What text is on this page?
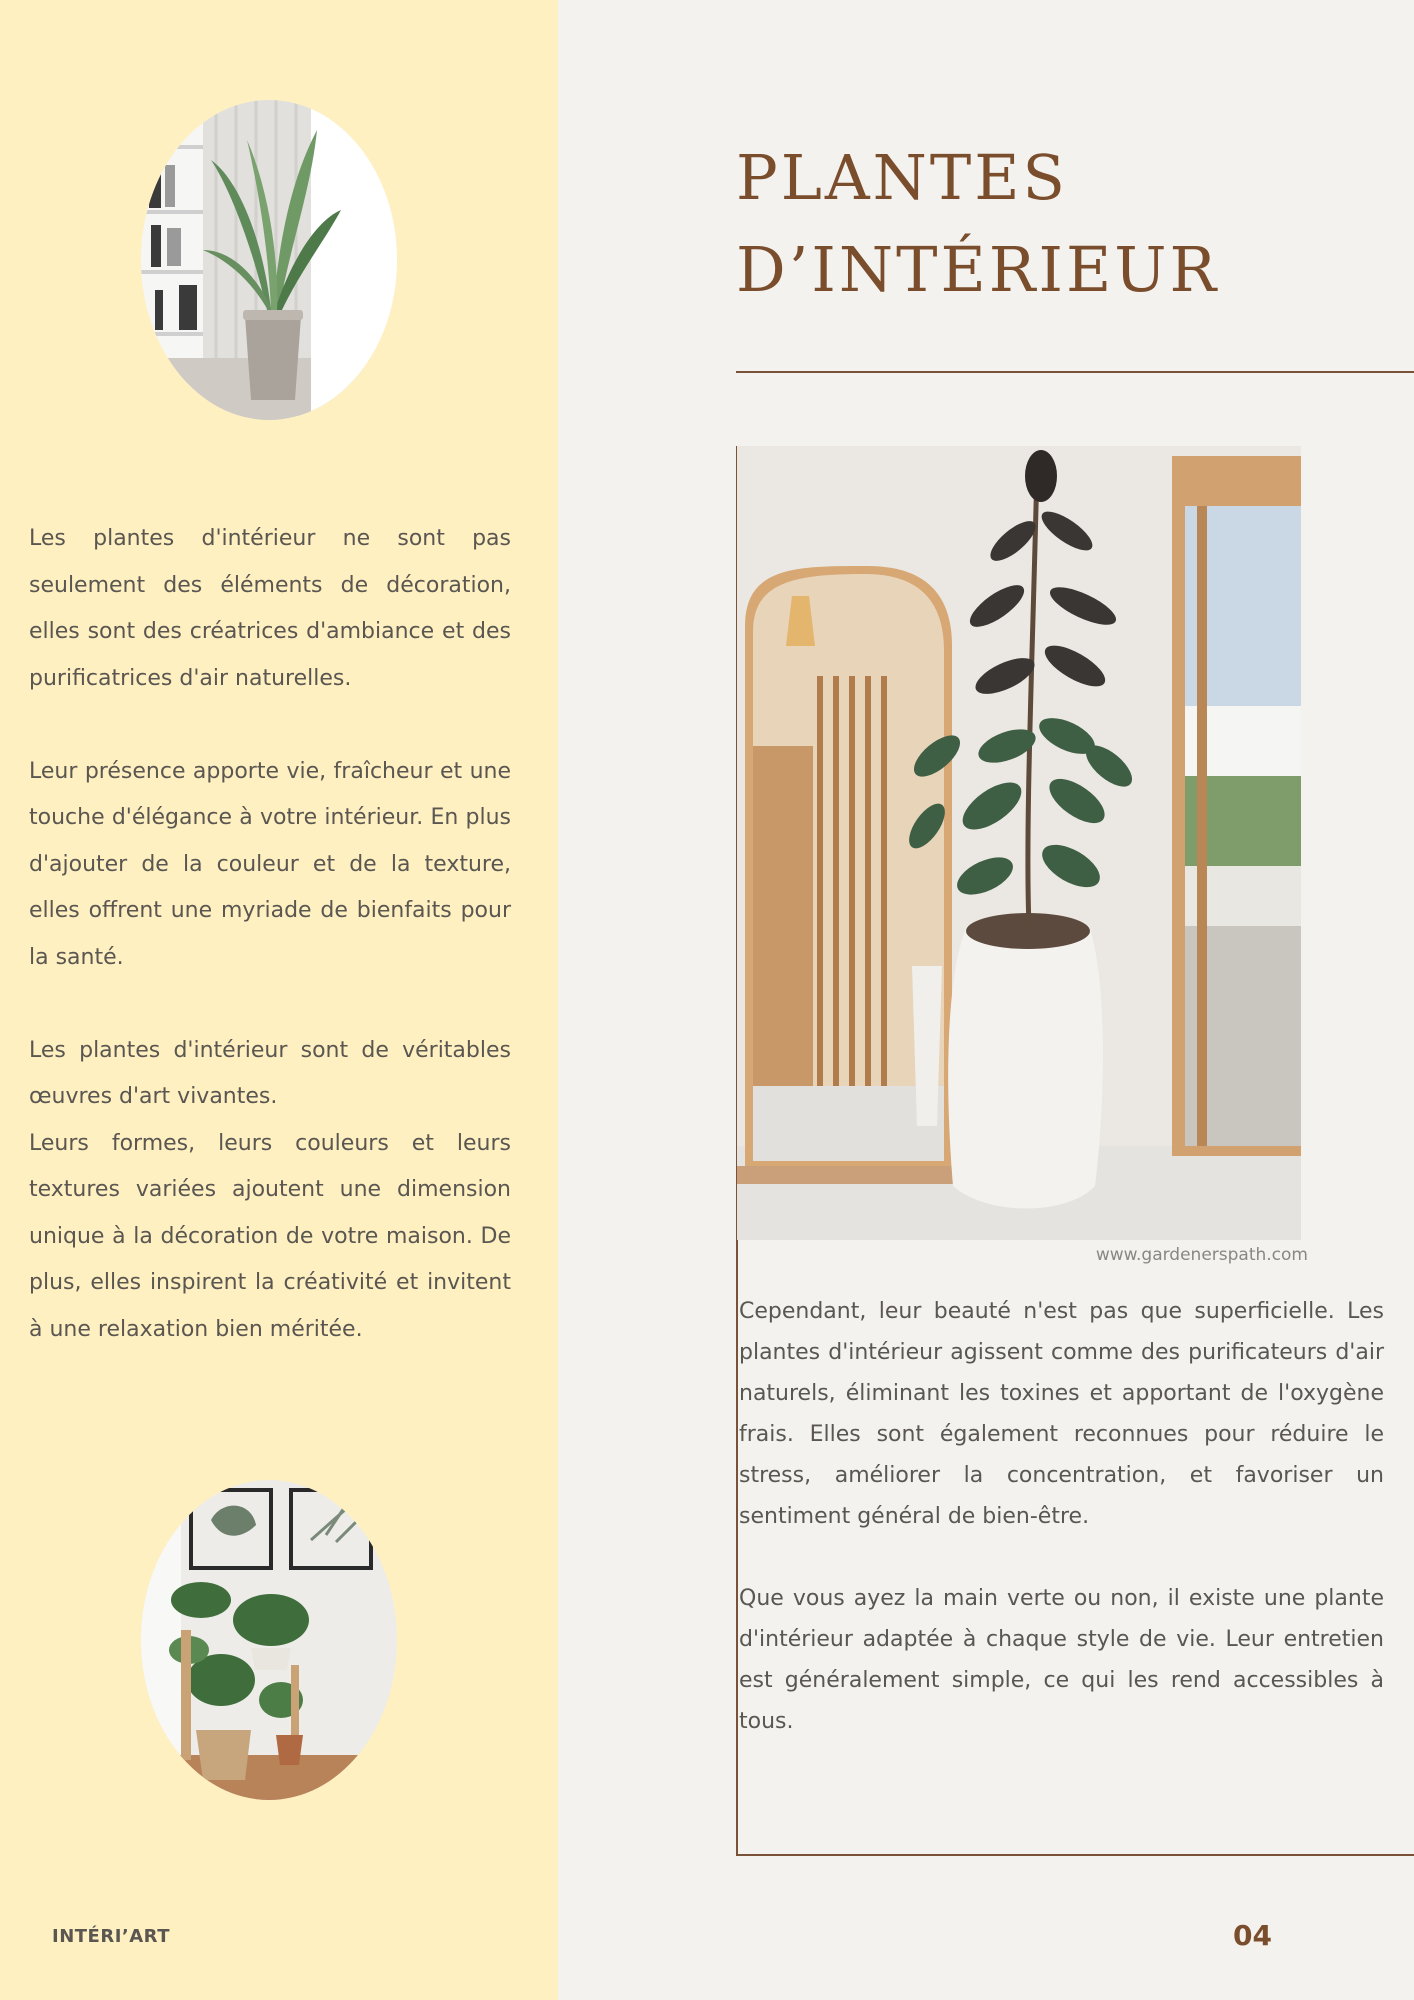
Les plantes d'intérieur ne sont pas seulement des éléments de décoration, elles sont des créatrices d'ambiance et des purificatrices d'air naturelles.

Leur présence apporte vie, fraîcheur et une touche d'élégance à votre intérieur. En plus d'ajouter de la couleur et de la texture, elles offrent une myriade de bienfaits pour la santé.

Les plantes d'intérieur sont de véritables œuvres d'art vivantes.

Leurs formes, leurs couleurs et leurs textures variées ajoutent une dimension unique à la décoration de votre maison. De plus, elles inspirent la créativité et invitent à une relaxation bien méritée.

INTÉRI’ART
PLANTES
D’INTÉRIEUR
www.gardenerspath.com

Cependant, leur beauté n'est pas que superficielle. Les plantes d'intérieur agissent comme des purificateurs d'air naturels, éliminant les toxines et apportant de l'oxygène frais. Elles sont également reconnues pour réduire le stress, améliorer la concentration, et favoriser un sentiment général de bien-être.

Que vous ayez la main verte ou non, il existe une plante d'intérieur adaptée à chaque style de vie. Leur entretien est généralement simple, ce qui les rend accessibles à tous.

04
